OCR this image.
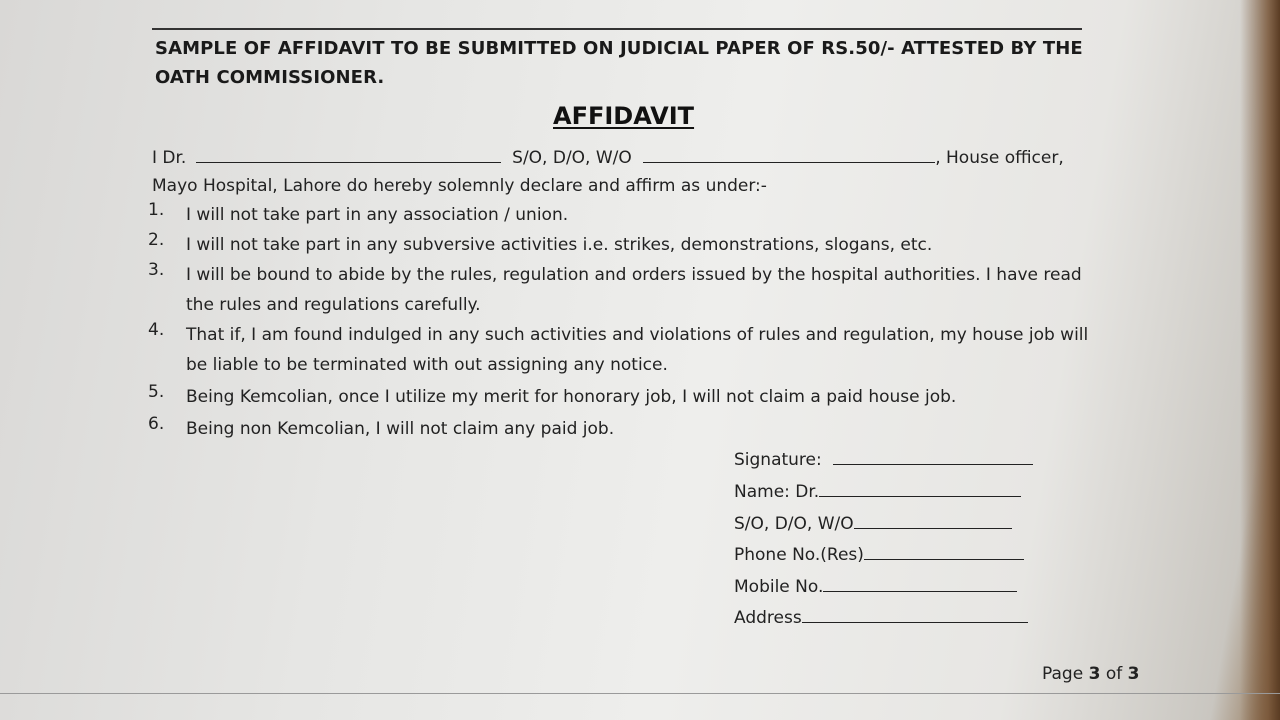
SAMPLE OF AFFIDAVIT TO BE SUBMITTED ON JUDICIAL PAPER OF RS.50/- ATTESTED BY THE OATH COMMISSIONER.
AFFIDAVIT
I Dr.	S/O, D/O, W/O	, House officer,
Mayo Hospital, Lahore do hereby solemnly declare and affirm as under:-
1.	I will not take part in any association / union.
2.	I will not take part in any subversive activities i.e. strikes, demonstrations, slogans, etc.
3.	I will be bound to abide by the rules, regulation and orders issued by the hospital authorities. I have read the rules and regulations carefully.
4.	That if, I am found indulged in any such activities and violations of rules and regulation, my house job will be liable to be terminated with out assigning any notice.
5.	Being Kemcolian, once I utilize my merit for honorary job, I will not claim a paid house job.
6.	Being non Kemcolian, I will not claim any paid job.
Signature:
Name: Dr.
S/O, D/O, W/O
Phone No.(Res)
Mobile No.
Address
Page 3 of 3
